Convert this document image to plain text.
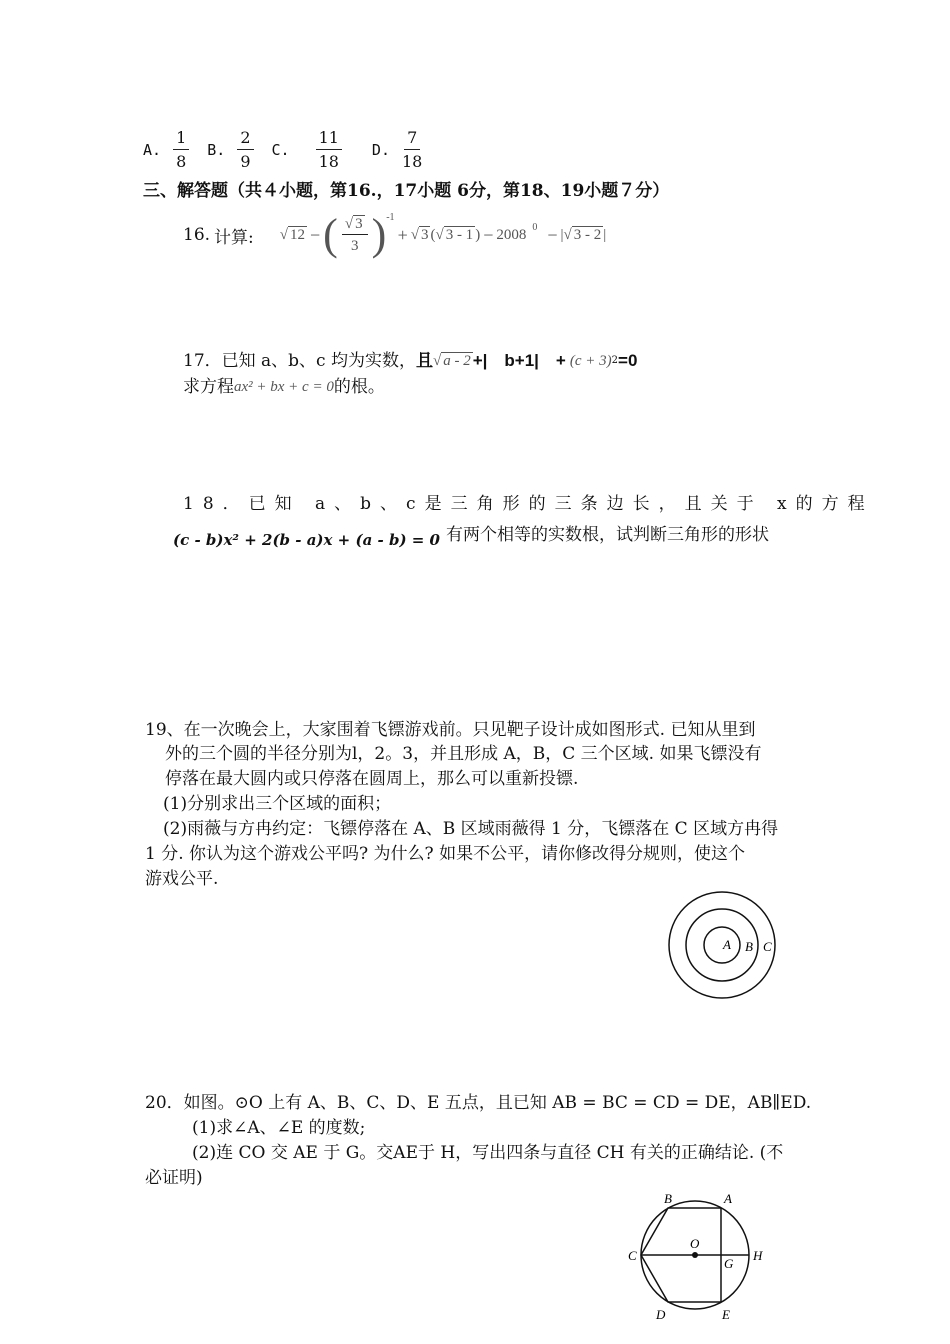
A. $\frac{1}{8} B$. $\frac{2}{9} C$. $\frac{11}{18} D$. $\frac{7}{18}$
三、解答题（共４小题，第16.，17小题 6分，第18、19小题７分）
16. 计算: √ 12 − ( $\frac{√ 3}{3}$ ) -1
+ √ 3 ( √ 3 - 1 ) − 2008 0 − | √ 3 - 2 |
17．已知 a、b、c 均为实数， 且 √ a - 2 +|　b+1|　+ (c + 3) 2 =0
求方程 ax² + bx + c = 0 的根。
18．已知 a、b、c是三角形的三条边长，且关于 x的方程
(c - b)x² + 2(b - a)x + (a - b) = 0 有两个相等的实数根，试判断三角形的形状
19、在一次晚会上，大家围着飞镖游戏前。只见靶子设计成如图形式. 已知从里到
外的三个圆的半径分别为l，2。3，并且形成 A，B，C 三个区域. 如果飞镖没有
停落在最大圆内或只停落在圆周上，那么可以重新投镖.
(1)分别求出三个区域的面积；
(2)雨薇与方冉约定：飞镖停落在 A、B 区域雨薇得 1 分，飞镖落在 C 区域方冉得
1 分. 你认为这个游戏公平吗? 为什么? 如果不公平，请你修改得分规则，使这个
游戏公平.
A B C
20．如图。⊙O 上有 A、B、C、D、E 五点，且已知 AB = BC = CD = DE，AB∥ED.
(1)求∠A、∠E 的度数;
(2)连 CO 交 AE 于 G。交AE于 H，写出四条与直径 CH 有关的正确结论. (不
必证明)
B	A
C
O
G
H
D	E
